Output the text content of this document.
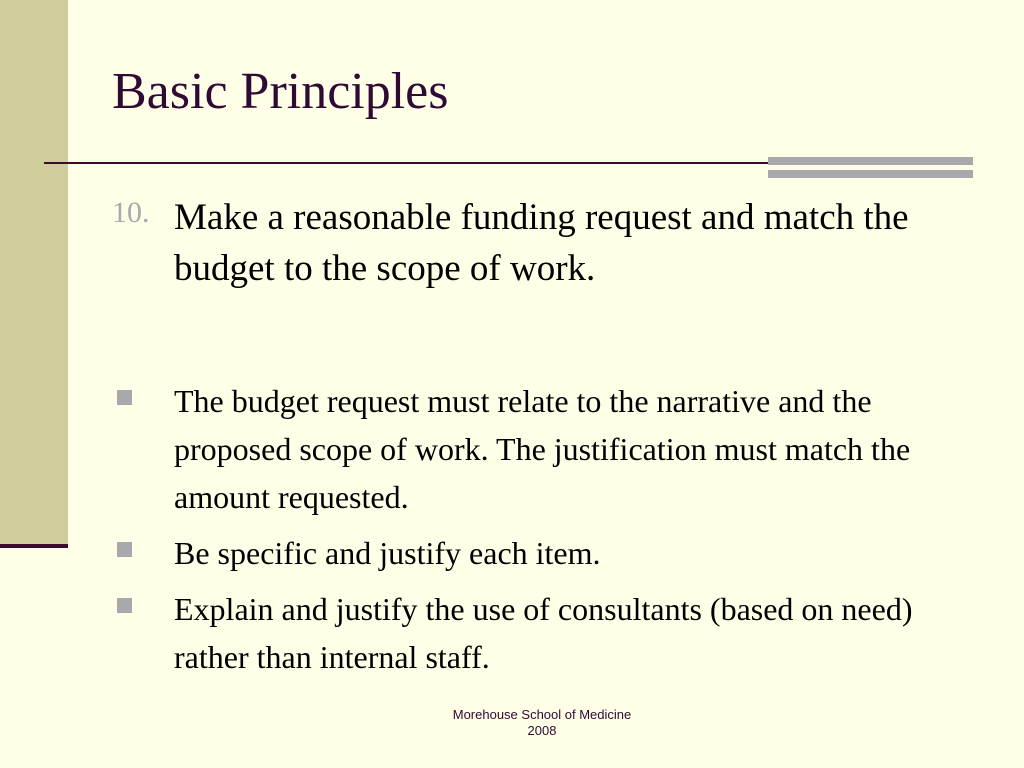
Basic Principles
10. Make a reasonable funding request and match the budget to the scope of work.
The budget request must relate to the narrative and the proposed scope of work. The justification must match the amount requested.
Be specific and justify each item.
Explain and justify the use of consultants (based on need) rather than internal staff.
Morehouse School of Medicine
2008
